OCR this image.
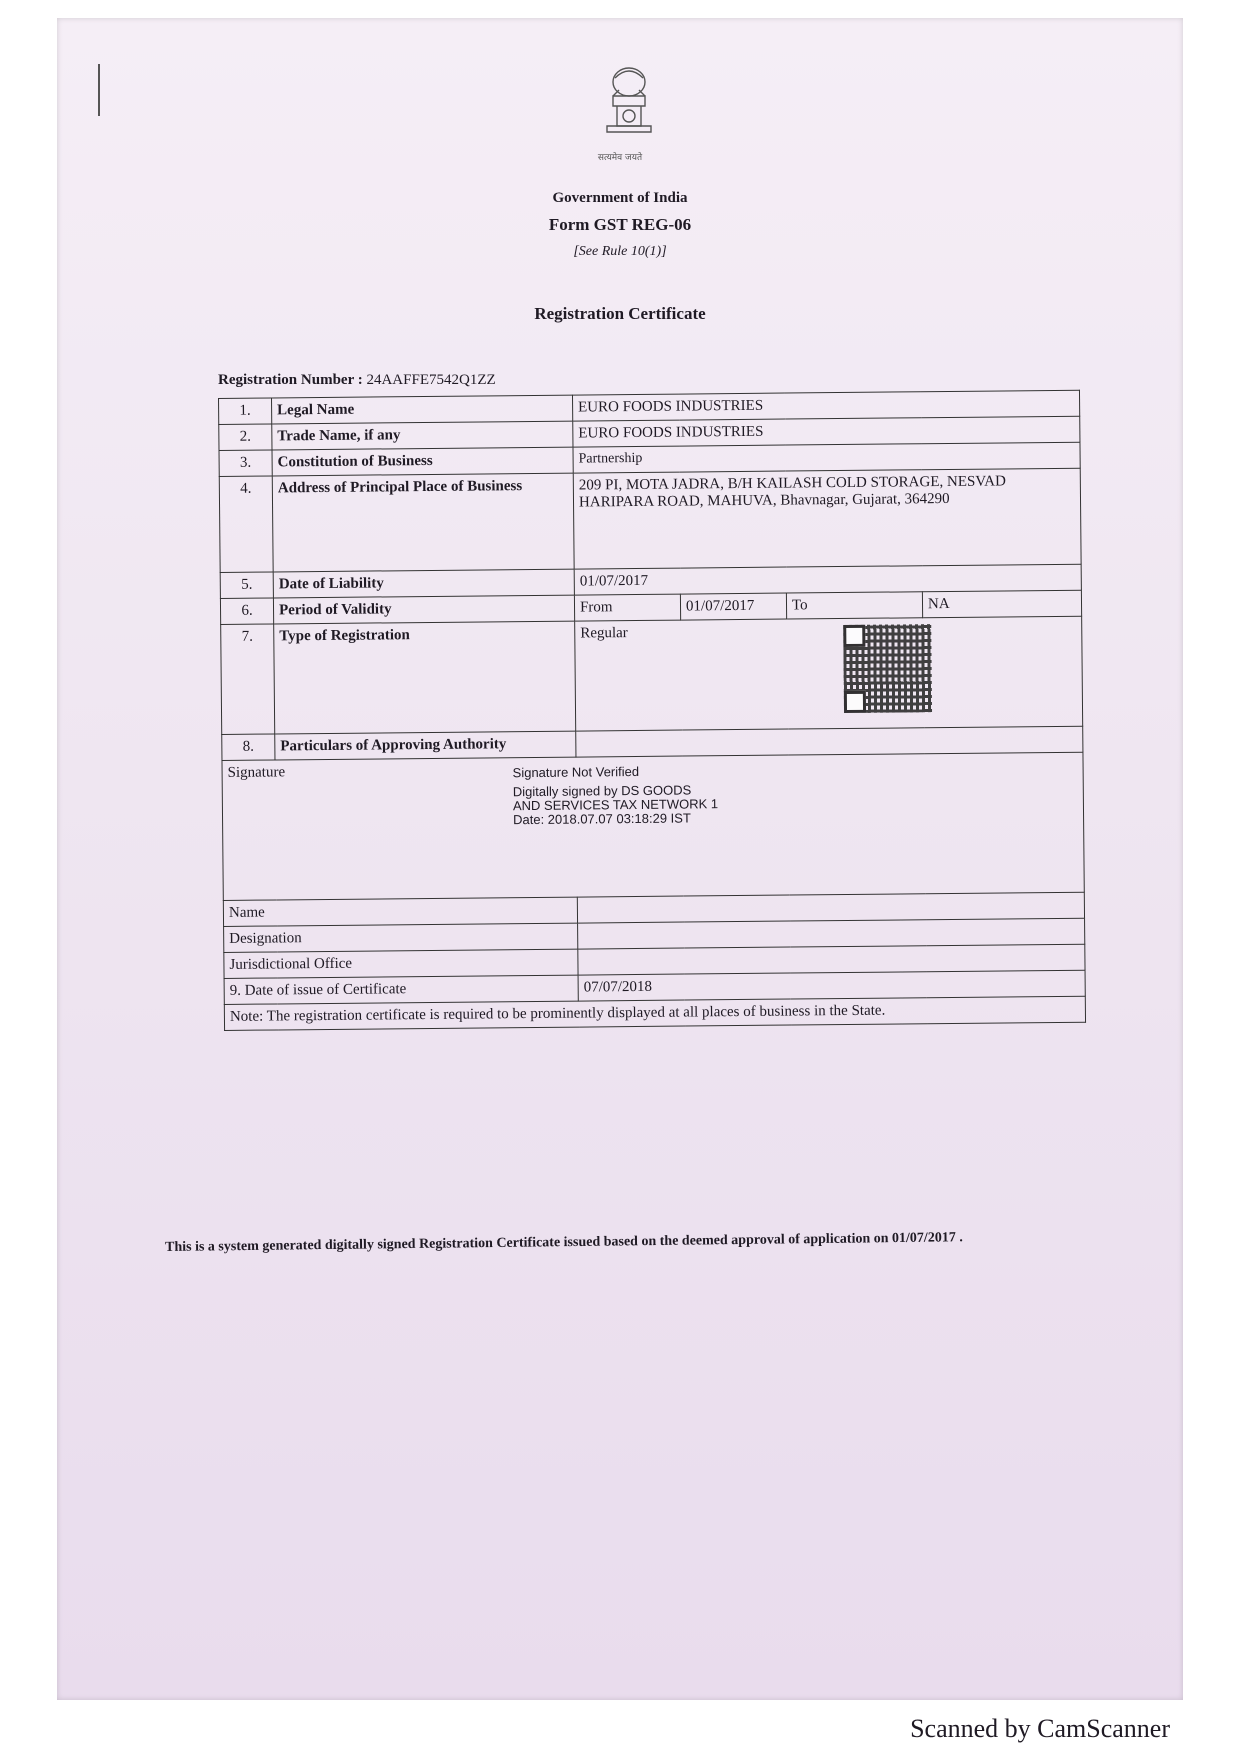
सत्यमेव जयते
Government of India
Form GST REG-06
[See Rule 10(1)]
Registration Certificate
Registration Number : 24AAFFE7542Q1ZZ
1.	Legal Name	EURO FOODS INDUSTRIES			
2.	Trade Name, if any	EURO FOODS INDUSTRIES			
3.	Constitution of Business	Partnership			
4.	Address of Principal Place of Business	209 PI, MOTA JADRA, B/H KAILASH COLD STORAGE, NESVAD HARIPARA ROAD, MAHUVA, Bhavnagar, Gujarat, 364290			
5.	Date of Liability	01/07/2017			
6.	Period of Validity	From	01/07/2017	To	NA
7.	Type of Registration	Regular			

8.	Particulars of Approving Authority				

Signature Signature Not Verified
Digitally signed by DS GOODS
AND SERVICES TAX NETWORK 1
Date: 2018.07.07 03:18:29 IST					

Name					
Designation					
Jurisdictional Office					
9. Date of issue of Certificate		07/07/2018			
Note: The registration certificate is required to be prominently displayed at all places of business in the State.					
This is a system generated digitally signed Registration Certificate issued based on the deemed approval of application on 01/07/2017 .
Scanned by CamScanner
